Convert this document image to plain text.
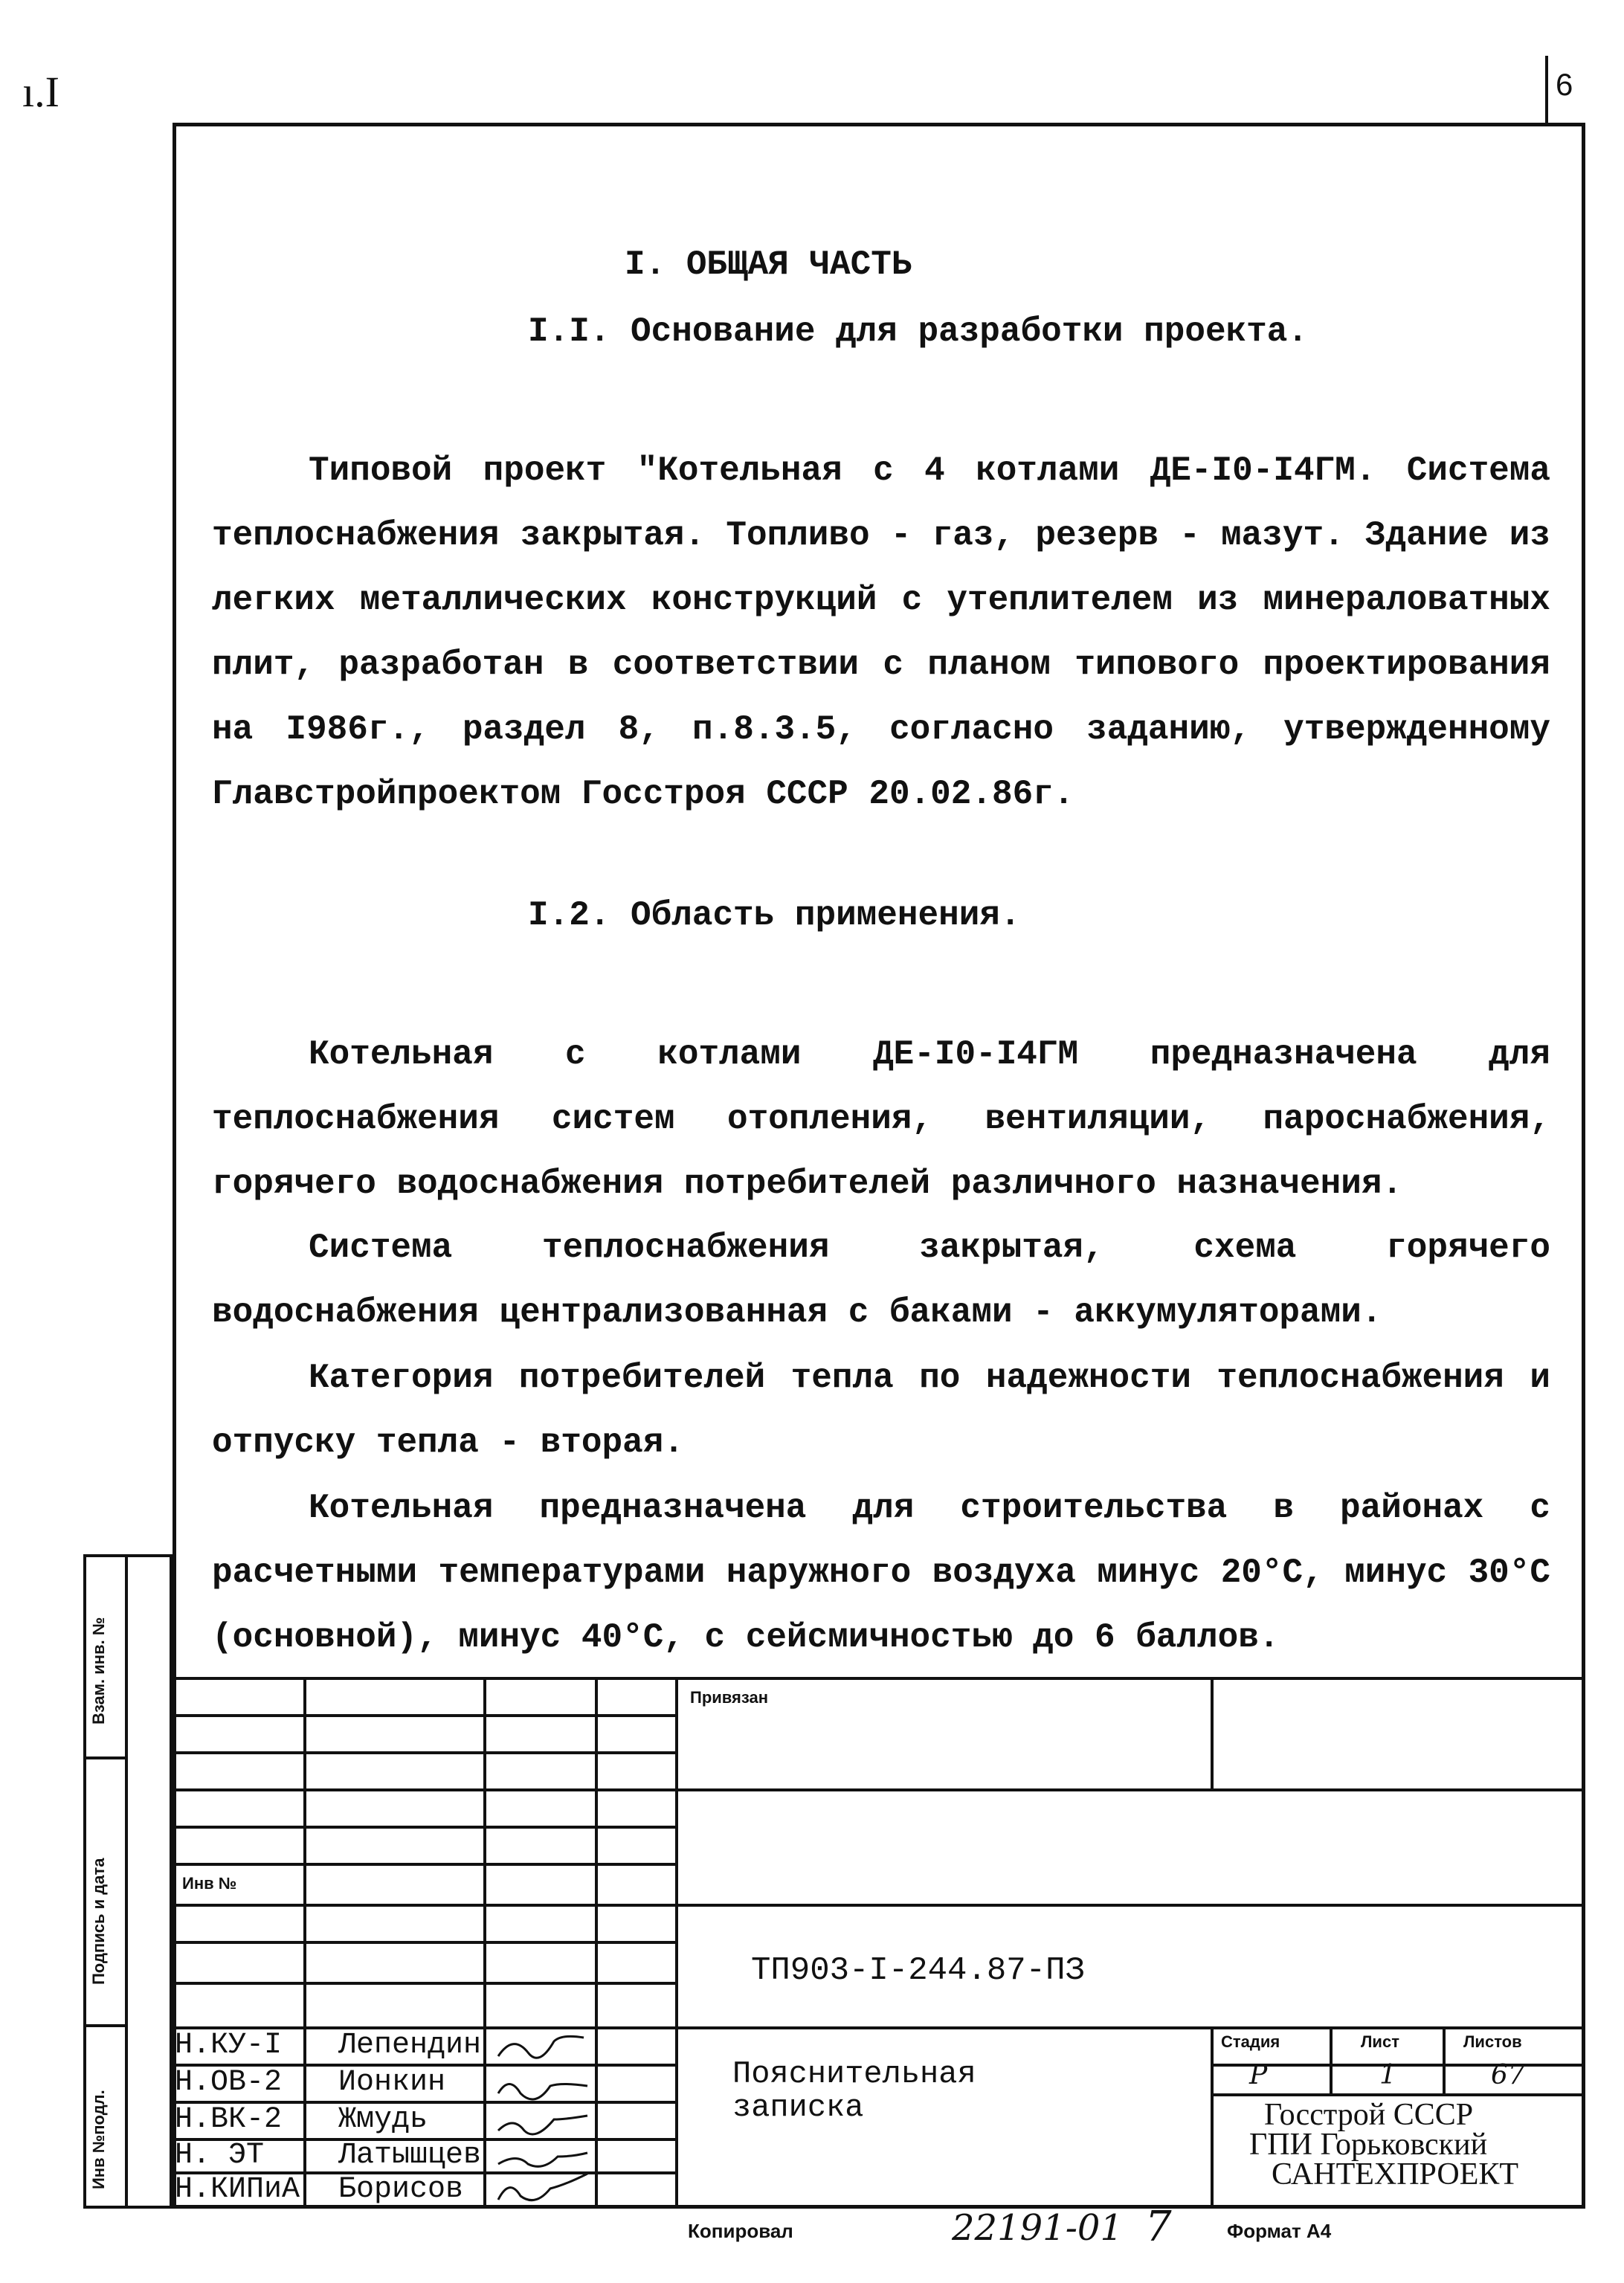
ı.I	6
I. ОБЩАЯ ЧАСТЬ
I.I. Основание для разработки проекта.
I.2. Область применения.
Типовой проект "Котельная с 4 котлами ДЕ-I0-I4ГМ. Система теплоснабжения закрытая. Топливо - газ, резерв - мазут. Здание из легких металлических конструкций с утеплителем из минераловатных плит, разработан в соответствии с планом типового проектирования на I986г., раздел 8, п.8.3.5, согласно заданию, утвержденному Главстройпроектом Госстроя СССР 20.02.86г.
Котельная с котлами ДЕ-I0-I4ГМ предназначена для теплоснабжения систем отопления, вентиляции, пароснабжения, горячего водоснабжения потребителей различного назначения.
Система теплоснабжения закрытая, схема горячего водоснабжения централизованная с баками - аккумуляторами.
Категория потребителей тепла по надежности теплоснабжения и отпуску тепла - вторая.
Котельная предназначена для строительства в районах с расчетными температурами наружного воздуха минус 20°С, минус 30°С (основной), минус 40°С, с сейсмичностью до 6 баллов.
Взам. инв. №
Подпись и дата
Инв №подл.
Привязан
Инв №
ТП903-I-244.87-ПЗ
Н.КУ-I Лепендин
Н.ОВ-2 Ионкин
Н.ВК-2 Жмудь
Н. ЭТ Латышцев
Н.КИПиА Борисов
Пояснительная
записка
Стадия	Лист	Листов
Р	1	67
Госстрой СССР
ГПИ Горьковский
САНТЕХПРОЕКТ
Копировал	22191-01 7	Формат А4
